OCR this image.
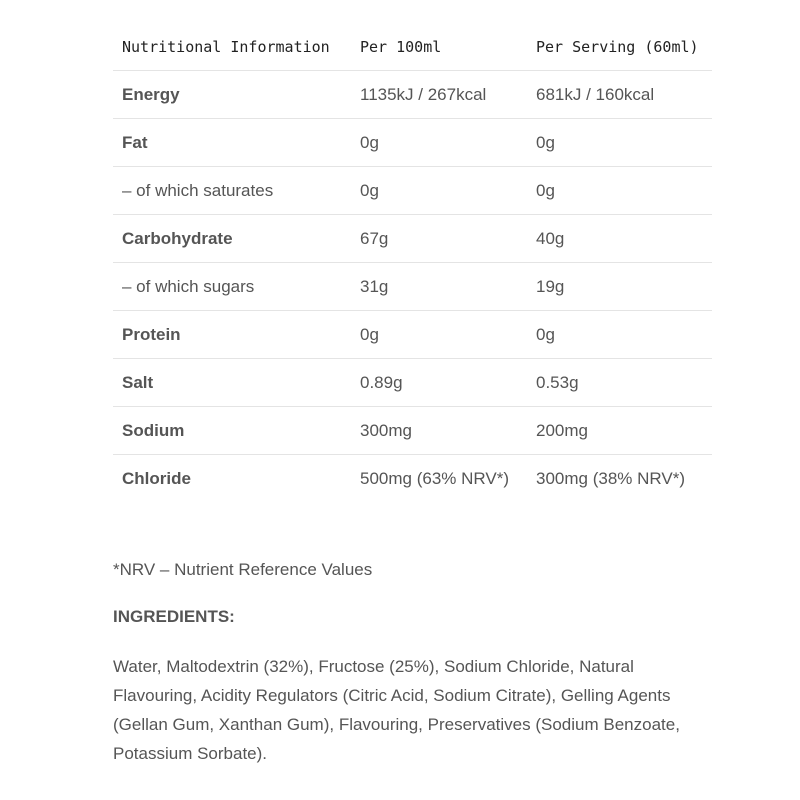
Nutritional Information	Per 100ml	Per Serving (60ml)
Energy	1135kJ / 267kcal	681kJ / 160kcal
Fat	0g	0g
– of which saturates	0g	0g
Carbohydrate	67g	40g
– of which sugars	31g	19g
Protein	0g	0g
Salt	0.89g	0.53g
Sodium	300mg	200mg
Chloride	500mg (63% NRV*)	300mg (38% NRV*)
*NRV – Nutrient Reference Values
INGREDIENTS:
Water, Maltodextrin (32%), Fructose (25%), Sodium Chloride, Natural
Flavouring, Acidity Regulators (Citric Acid, Sodium Citrate), Gelling Agents
(Gellan Gum, Xanthan Gum), Flavouring, Preservatives (Sodium Benzoate,
Potassium Sorbate).
